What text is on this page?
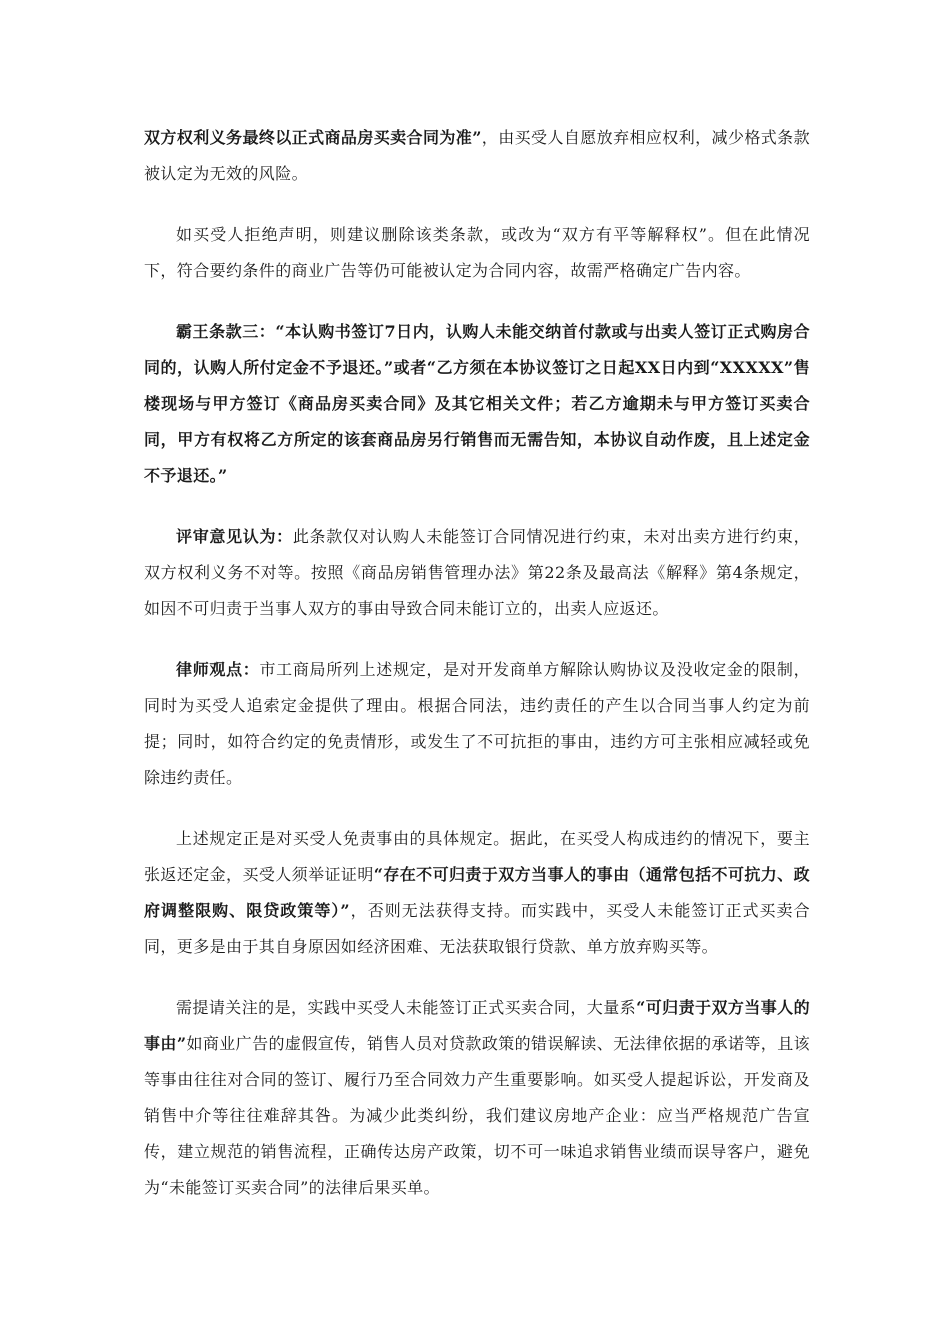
双方权利义务最终以正式商品房买卖合同为准”，由买受人自愿放弃相应权利，减少格式条款被认定为无效的风险。

如买受人拒绝声明，则建议删除该类条款，或改为“双方有平等解释权”。但在此情况下，符合要约条件的商业广告等仍可能被认定为合同内容，故需严格确定广告内容。

霸王条款三：“本认购书签订7日内，认购人未能交纳首付款或与出卖人签订正式购房合同的，认购人所付定金不予退还。”或者“乙方须在本协议签订之日起XX日内到“XXXXX”售楼现场与甲方签订《商品房买卖合同》及其它相关文件；若乙方逾期未与甲方签订买卖合同，甲方有权将乙方所定的该套商品房另行销售而无需告知，本协议自动作废，且上述定金不予退还。”

评审意见认为：此条款仅对认购人未能签订合同情况进行约束，未对出卖方进行约束，双方权利义务不对等。按照《商品房销售管理办法》第22条及最高法《解释》第4条规定，如因不可归责于当事人双方的事由导致合同未能订立的，出卖人应返还。

律师观点：市工商局所列上述规定，是对开发商单方解除认购协议及没收定金的限制，同时为买受人追索定金提供了理由。根据合同法，违约责任的产生以合同当事人约定为前提；同时，如符合约定的免责情形，或发生了不可抗拒的事由，违约方可主张相应减轻或免除违约责任。

上述规定正是对买受人免责事由的具体规定。据此，在买受人构成违约的情况下，要主张返还定金，买受人须举证证明“存在不可归责于双方当事人的事由（通常包括不可抗力、政府调整限购、限贷政策等）”，否则无法获得支持。而实践中，买受人未能签订正式买卖合同，更多是由于其自身原因如经济困难、无法获取银行贷款、单方放弃购买等。

需提请关注的是，实践中买受人未能签订正式买卖合同，大量系“可归责于双方当事人的事由”如商业广告的虚假宣传，销售人员对贷款政策的错误解读、无法律依据的承诺等，且该等事由往往对合同的签订、履行乃至合同效力产生重要影响。如买受人提起诉讼，开发商及销售中介等往往难辞其咎。为减少此类纠纷，我们建议房地产企业：应当严格规范广告宣传，建立规范的销售流程，正确传达房产政策，切不可一味追求销售业绩而误导客户，避免为“未能签订买卖合同”的法律后果买单。
